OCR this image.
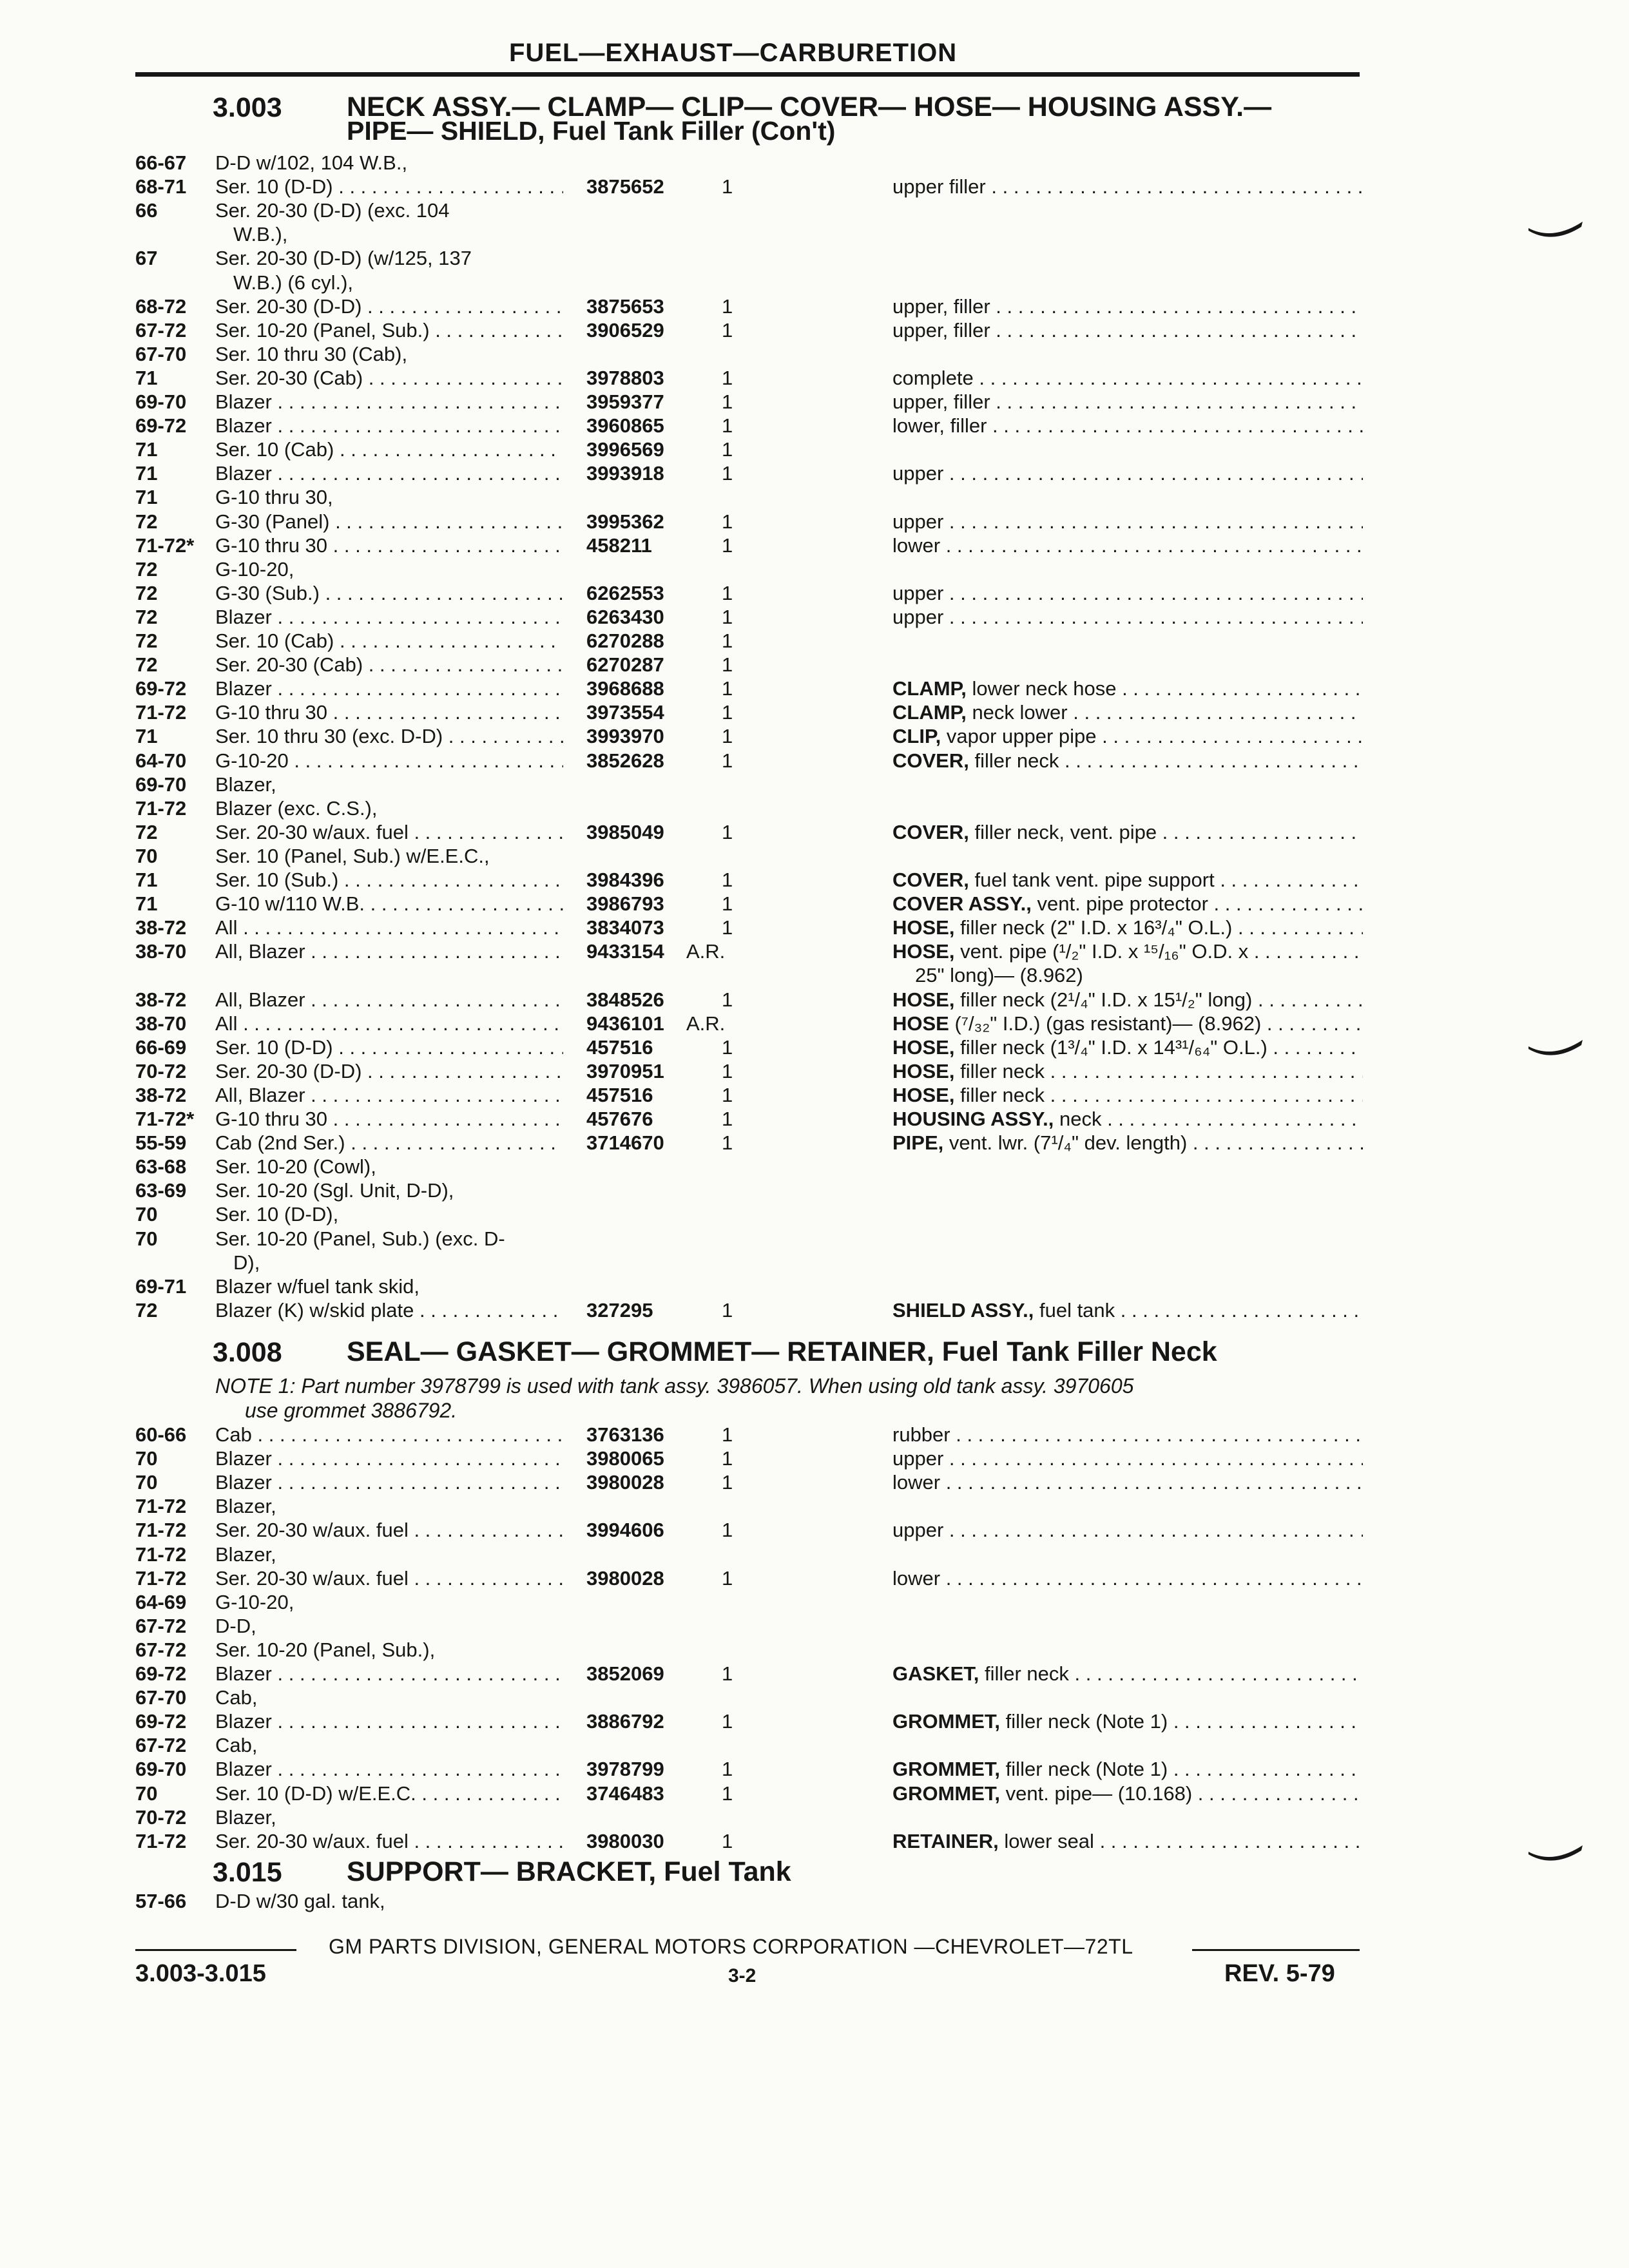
FUEL—EXHAUST—CARBURETION
3.003 NECK ASSY.— CLAMP— CLIP— COVER— HOSE— HOUSING ASSY.—
PIPE— SHIELD, Fuel Tank Filler (Con't)
66-67 D-D w/102, 104 W.B.,
68-71 Ser. 10 (D-D) . . .	3875652	1	upper filler . . .
66	Ser. 20-30 (D-D) (exc. 104
W.B.),
67	Ser. 20-30 (D-D) (w/125, 137
W.B.) (6 cyl.),
68-72 Ser. 20-30 (D-D) . . .	3875653	1	upper, filler . . .
67-72 Ser. 10-20 (Panel, Sub.) . . .	3906529	1	upper, filler . . .
67-70 Ser. 10 thru 30 (Cab),
71	Ser. 20-30 (Cab) . . .	3978803	1	complete . . .
69-70 Blazer . . .	3959377	1	upper, filler . . .
69-72 Blazer . . .	3960865	1	lower, filler . . .
71	Ser. 10 (Cab) . . .	3996569	1
71	Blazer . . .	3993918	1	upper . . .
71	G-10 thru 30,
72	G-30 (Panel) . . .	3995362	1	upper . . .
71-72* G-10 thru 30 . . .	458211	1	lower . . .
72	G-10-20,
72	G-30 (Sub.) . . .	6262553	1	upper . . .
72	Blazer . . .	6263430	1	upper . . .
72	Ser. 10 (Cab) . . .	6270288	1
72	Ser. 20-30 (Cab) . . .	6270287	1
69-72 Blazer . . .	3968688	1	CLAMP, lower neck hose . . .
71-72 G-10 thru 30 . . .	3973554	1	CLAMP, neck lower . . .
71	Ser. 10 thru 30 (exc. D-D) . . .	3993970	1	CLIP, vapor upper pipe . . .
64-70 G-10-20 . . .	3852628	1	COVER, filler neck . . .
69-70 Blazer,
71-72 Blazer (exc. C.S.),
72	Ser. 20-30 w/aux. fuel . . .	3985049	1	COVER, filler neck, vent. pipe . . .
70	Ser. 10 (Panel, Sub.) w/E.E.C.,
71	Ser. 10 (Sub.) . . .	3984396	1	COVER, fuel tank vent. pipe support . . .
71	G-10 w/110 W.B. . . .	3986793	1	COVER ASSY., vent. pipe protector . . .
38-72 All . . .	3834073	1	HOSE, filler neck (2" I.D. x 16³/₄" O.L.) . . .
38-70 All, Blazer . . .	9433154 A.R.	HOSE, vent. pipe (¹/₂" I.D. x ¹⁵/₁₆" O.D. x . . .
25" long)— (8.962)
38-72 All, Blazer . . .	3848526	1	HOSE, filler neck (2¹/₄" I.D. x 15¹/₂" long) . . .
38-70 All . . .	9436101 A.R.	HOSE (⁷/₃₂" I.D.) (gas resistant)— (8.962) . . .
66-69 Ser. 10 (D-D) . . .	457516	1	HOSE, filler neck (1³/₄" I.D. x 14³¹/₆₄" O.L.) . . .
70-72 Ser. 20-30 (D-D) . . .	3970951	1	HOSE, filler neck . . .
38-72 All, Blazer . . .	457516	1	HOSE, filler neck . . .
71-72* G-10 thru 30 . . .	457676	1	HOUSING ASSY., neck . . .
55-59 Cab (2nd Ser.) . . .	3714670	1	PIPE, vent. lwr. (7¹/₄" dev. length) . . .
63-68 Ser. 10-20 (Cowl),
63-69 Ser. 10-20 (Sgl. Unit, D-D),
70	Ser. 10 (D-D),
70	Ser. 10-20 (Panel, Sub.) (exc. D-
D),
69-71 Blazer w/fuel tank skid,
72	Blazer (K) w/skid plate . . .	327295	1	SHIELD ASSY., fuel tank . . .
3.008 SEAL— GASKET— GROMMET— RETAINER, Fuel Tank Filler Neck
NOTE 1: Part number 3978799 is used with tank assy. 3986057. When using old tank assy. 3970605
use grommet 3886792.
60-66 Cab . . .	3763136	1	rubber . . .
70	Blazer . . .	3980065	1	upper . . .
70	Blazer . . .	3980028	1	lower . . .
71-72 Blazer,
71-72 Ser. 20-30 w/aux. fuel . . .	3994606	1	upper . . .
71-72 Blazer,
71-72 Ser. 20-30 w/aux. fuel . . .	3980028	1	lower . . .
64-69 G-10-20,
67-72 D-D,
67-72 Ser. 10-20 (Panel, Sub.),
69-72 Blazer . . .	3852069	1	GASKET, filler neck . . .
67-70 Cab,
69-72 Blazer . . .	3886792	1	GROMMET, filler neck (Note 1) . . .
67-72 Cab,
69-70 Blazer . . .	3978799	1	GROMMET, filler neck (Note 1) . . .
70	Ser. 10 (D-D) w/E.E.C. . . .	3746483	1	GROMMET, vent. pipe— (10.168) . . .
70-72 Blazer,
71-72 Ser. 20-30 w/aux. fuel . . .	3980030	1	RETAINER, lower seal . . .
3.015 SUPPORT— BRACKET, Fuel Tank
57-66 D-D w/30 gal. tank,
GM PARTS DIVISION, GENERAL MOTORS CORPORATION —CHEVROLET—72TL
3.003-3.015	3-2	REV. 5-79
